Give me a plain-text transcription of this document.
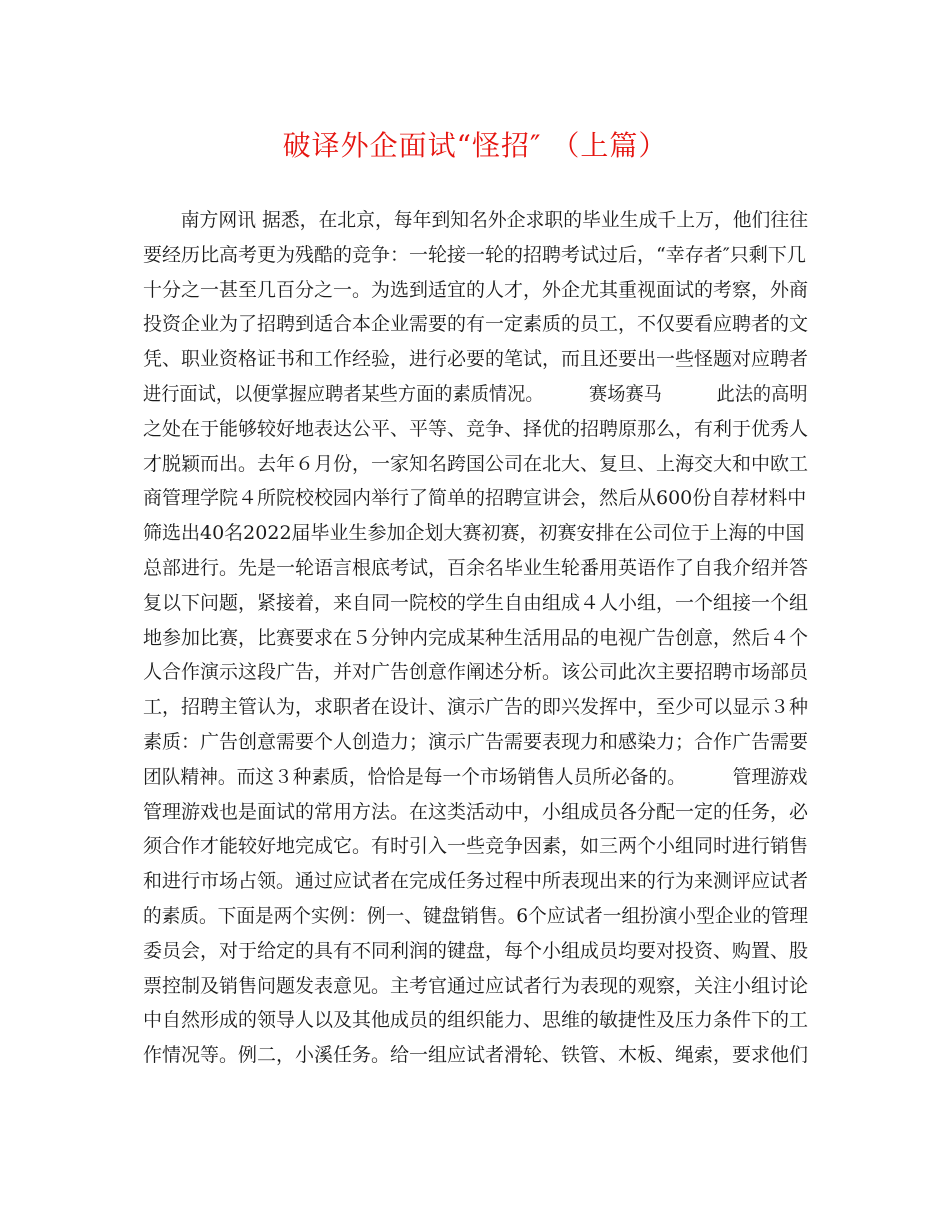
破译外企面试“怪招″ （上篇）
　　南方网讯 据悉，在北京，每年到知名外企求职的毕业生成千上万，他们往往
要经历比高考更为残酷的竞争：一轮接一轮的招聘考试过后，“幸存者″只剩下几
十分之一甚至几百分之一。为选到适宜的人才，外企尤其重视面试的考察，外商
投资企业为了招聘到适合本企业需要的有一定素质的员工，不仅要看应聘者的文
凭、职业资格证书和工作经验，进行必要的笔试，而且还要出一些怪题对应聘者
进行面试，以便掌握应聘者某些方面的素质情况。　　　赛场赛马　　　此法的高明
之处在于能够较好地表达公平、平等、竞争、择优的招聘原那么，有利于优秀人
才脱颖而出。去年６月份，一家知名跨国公司在北大、复旦、上海交大和中欧工
商管理学院４所院校校园内举行了简单的招聘宣讲会，然后从600份自荐材料中
筛选出40名2022届毕业生参加企划大赛初赛，初赛安排在公司位于上海的中国
总部进行。先是一轮语言根底考试，百余名毕业生轮番用英语作了自我介绍并答
复以下问题，紧接着，来自同一院校的学生自由组成４人小组，一个组接一个组
地参加比赛，比赛要求在５分钟内完成某种生活用品的电视广告创意，然后４个
人合作演示这段广告，并对广告创意作阐述分析。该公司此次主要招聘市场部员
工，招聘主管认为，求职者在设计、演示广告的即兴发挥中，至少可以显示３种
素质：广告创意需要个人创造力；演示广告需要表现力和感染力；合作广告需要
团队精神。而这３种素质，恰恰是每一个市场销售人员所必备的。　　　管理游戏
管理游戏也是面试的常用方法。在这类活动中，小组成员各分配一定的任务，必
须合作才能较好地完成它。有时引入一些竞争因素，如三两个小组同时进行销售
和进行市场占领。通过应试者在完成任务过程中所表现出来的行为来测评应试者
的素质。下面是两个实例：例一、键盘销售。6个应试者一组扮演小型企业的管理
委员会，对于给定的具有不同利润的键盘，每个小组成员均要对投资、购置、股
票控制及销售问题发表意见。主考官通过应试者行为表现的观察，关注小组讨论
中自然形成的领导人以及其他成员的组织能力、思维的敏捷性及压力条件下的工
作情况等。例二，小溪任务。给一组应试者滑轮、铁管、木板、绳索，要求他们
